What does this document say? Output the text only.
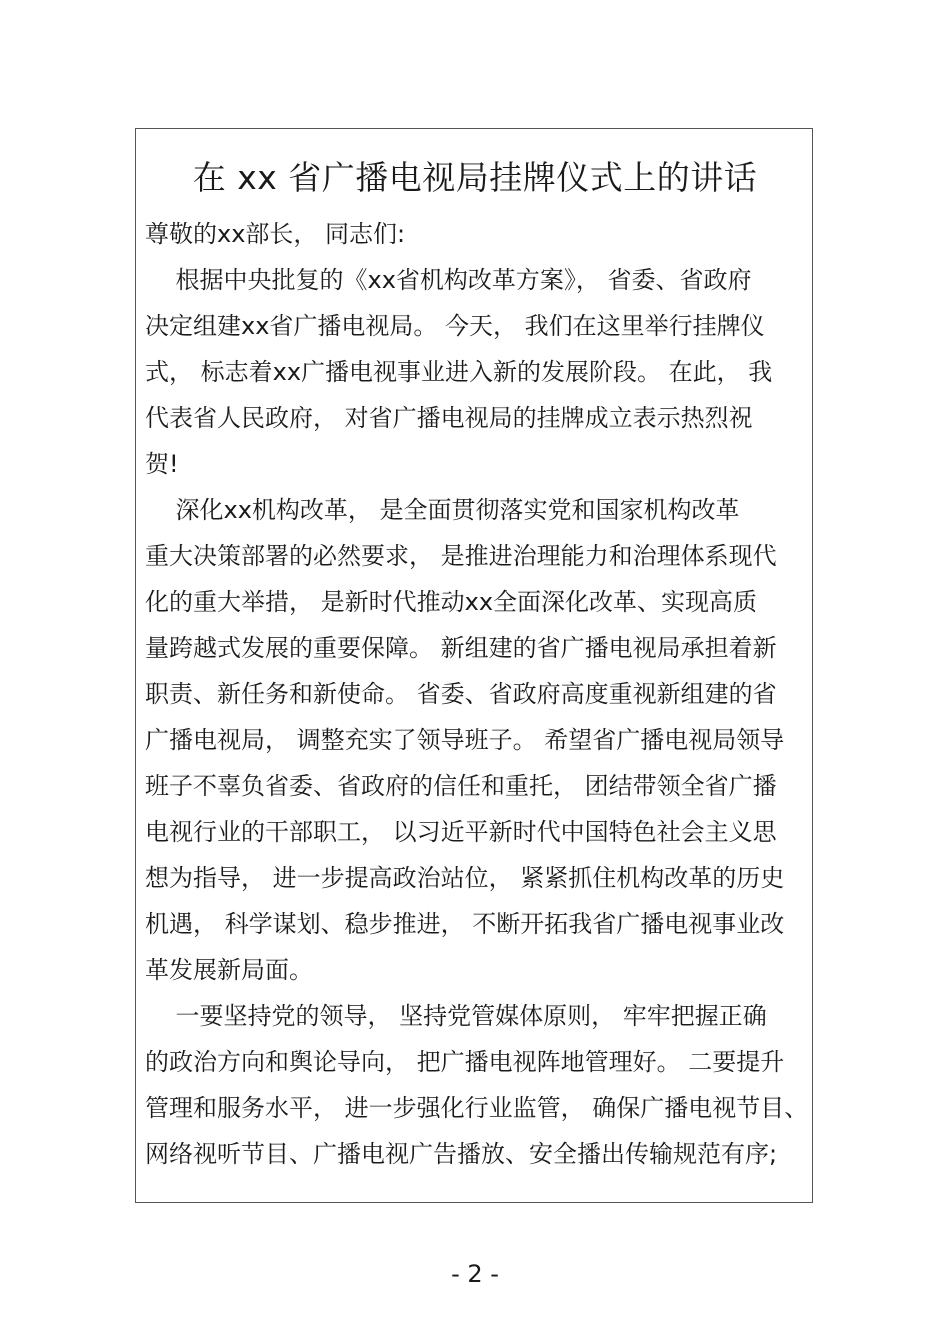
在 xx 省广播电视局挂牌仪式上的讲话
尊敬的xx部长， 同志们:
根据中央批复的《xx省机构改革方案》， 省委、省政府
决定组建xx省广播电视局。 今天， 我们在这里举行挂牌仪
式， 标志着xx广播电视事业进入新的发展阶段。 在此， 我
代表省人民政府， 对省广播电视局的挂牌成立表示热烈祝
贺!
深化xx机构改革， 是全面贯彻落实党和国家机构改革
重大决策部署的必然要求， 是推进治理能力和治理体系现代
化的重大举措， 是新时代推动xx全面深化改革、实现高质
量跨越式发展的重要保障。 新组建的省广播电视局承担着新
职责、新任务和新使命。 省委、省政府高度重视新组建的省
广播电视局， 调整充实了领导班子。 希望省广播电视局领导
班子不辜负省委、省政府的信任和重托， 团结带领全省广播
电视行业的干部职工， 以习近平新时代中国特色社会主义思
想为指导， 进一步提高政治站位， 紧紧抓住机构改革的历史
机遇， 科学谋划、稳步推进， 不断开拓我省广播电视事业改
革发展新局面。
一要坚持党的领导， 坚持党管媒体原则， 牢牢把握正确
的政治方向和舆论导向， 把广播电视阵地管理好。 二要提升
管理和服务水平， 进一步强化行业监管， 确保广播电视节目、
网络视听节目、广播电视广告播放、安全播出传输规范有序;
- 2 -
